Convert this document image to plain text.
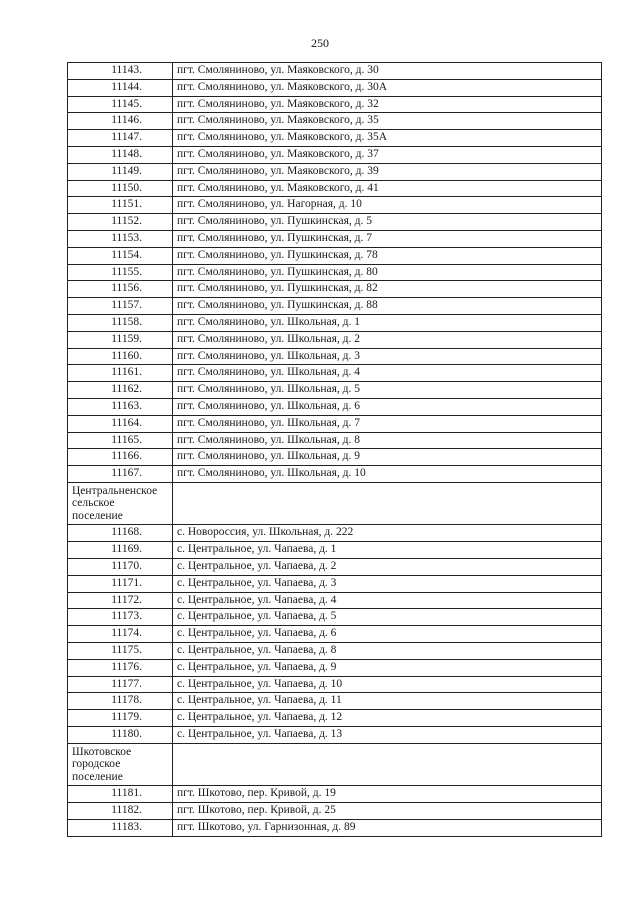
250
11143.	пгт. Смолянинoво, ул. Маяковского, д. 30
11144.	пгт. Смолянинoво, ул. Маяковского, д. 30А
11145.	пгт. Смолянинoво, ул. Маяковского, д. 32
11146.	пгт. Смолянинoво, ул. Маяковского, д. 35
11147.	пгт. Смолянинoво, ул. Маяковского, д. 35А
11148.	пгт. Смолянинoво, ул. Маяковского, д. 37
11149.	пгт. Смолянинoво, ул. Маяковского, д. 39
11150.	пгт. Смолянинoво, ул. Маяковского, д. 41
11151.	пгт. Смолянинoво, ул. Нагорная, д. 10
11152.	пгт. Смолянинoво, ул. Пушкинская, д. 5
11153.	пгт. Смолянинoво, ул. Пушкинская, д. 7
11154.	пгт. Смолянинoво, ул. Пушкинская, д. 78
11155.	пгт. Смолянинoво, ул. Пушкинская, д. 80
11156.	пгт. Смолянинoво, ул. Пушкинская, д. 82
11157.	пгт. Смолянинoво, ул. Пушкинская, д. 88
11158.	пгт. Смолянинoво, ул. Школьная, д. 1
11159.	пгт. Смолянинoво, ул. Школьная, д. 2
11160.	пгт. Смолянинoво, ул. Школьная, д. 3
11161.	пгт. Смолянинoво, ул. Школьная, д. 4
11162.	пгт. Смолянинoво, ул. Школьная, д. 5
11163.	пгт. Смолянинoво, ул. Школьная, д. 6
11164.	пгт. Смолянинoво, ул. Школьная, д. 7
11165.	пгт. Смолянинoво, ул. Школьная, д. 8
11166.	пгт. Смолянинoво, ул. Школьная, д. 9
11167.	пгт. Смолянинoво, ул. Школьная, д. 10

Центральненское
сельское
поселение	

11168.	с. Новороссия, ул. Школьная, д. 222
11169.	с. Центральное, ул. Чапаева, д. 1
11170.	с. Центральное, ул. Чапаева, д. 2
11171.	с. Центральное, ул. Чапаева, д. 3
11172.	с. Центральное, ул. Чапаева, д. 4
11173.	с. Центральное, ул. Чапаева, д. 5
11174.	с. Центральное, ул. Чапаева, д. 6
11175.	с. Центральное, ул. Чапаева, д. 8
11176.	с. Центральное, ул. Чапаева, д. 9
11177.	с. Центральное, ул. Чапаева, д. 10
11178.	с. Центральное, ул. Чапаева, д. 11
11179.	с. Центральное, ул. Чапаева, д. 12
11180.	с. Центральное, ул. Чапаева, д. 13

Шкотовское
городское
поселение	

11181.	пгт. Шкотово, пер. Кривой, д. 19
11182.	пгт. Шкотово, пер. Кривой, д. 25
11183.	пгт. Шкотово, ул. Гарнизонная, д. 89
